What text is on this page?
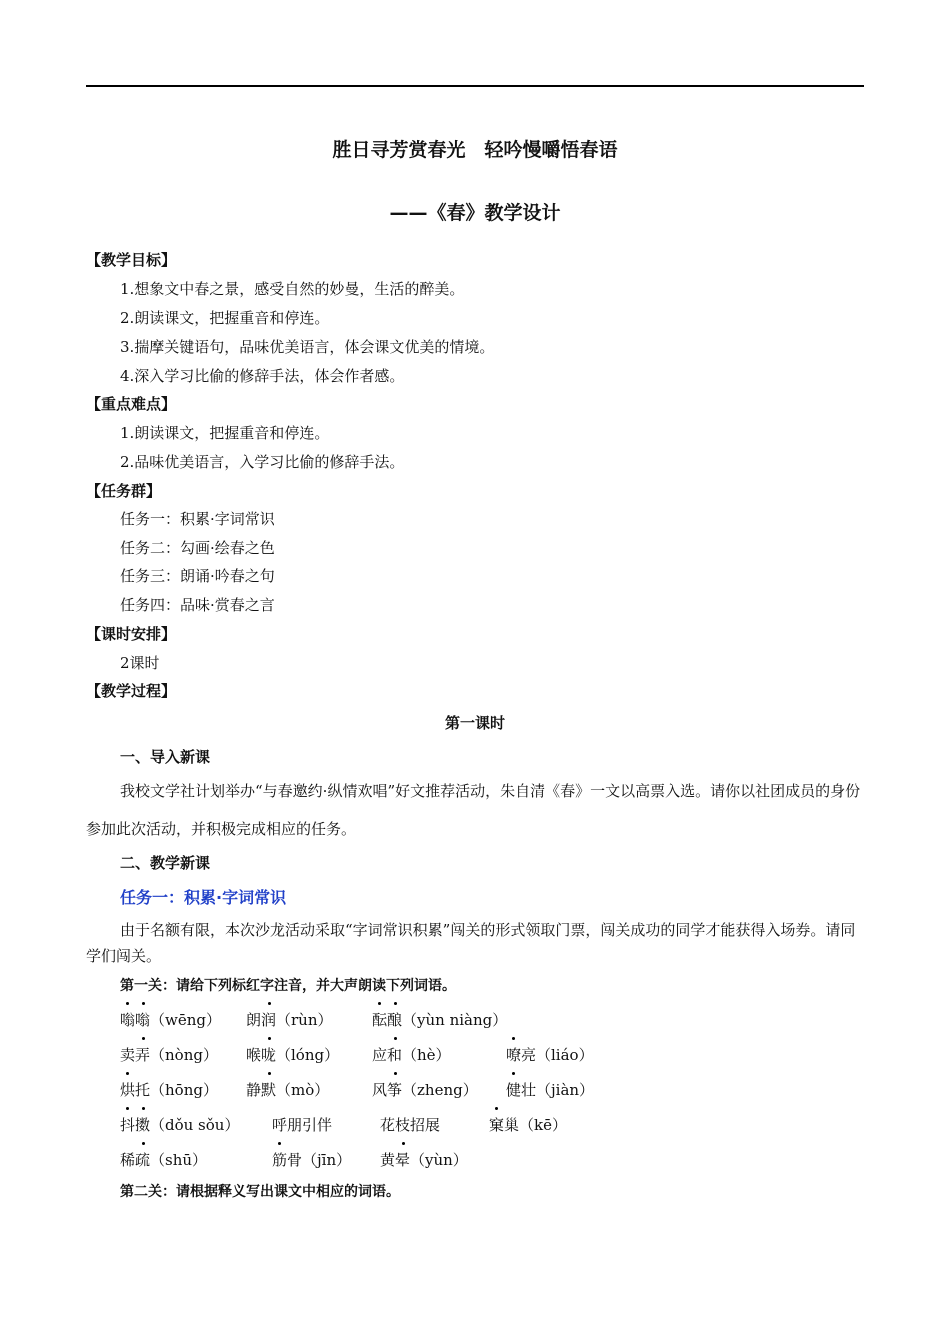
胜日寻芳赏春光　轻吟慢嚼悟春语
——《春》教学设计
【教学目标】
1.想象文中春之景，感受自然的妙曼，生活的醉美。
2.朗读课文，把握重音和停连。
3.揣摩关键语句，品味优美语言，体会课文优美的情境。
4.深入学习比偷的修辞手法，体会作者感。
【重点难点】
1.朗读课文，把握重音和停连。
2.品味优美语言，入学习比偷的修辞手法。
【任务群】
任务一：积累·字词常识
任务二：勾画·绘春之色
任务三：朗诵·吟春之句
任务四：品味·赏春之言
【课时安排】
2课时
【教学过程】
第一课时
一、导入新课
我校文学社计划举办“与春邀约·纵情欢唱”好文推荐活动，朱自清《春》一文以高票入选。请你以社团成员的身份参加此次活动，并积极完成相应的任务。
二、教学新课
任务一：积累·字词常识
由于名额有限，本次沙龙活动采取“字词常识积累”闯关的形式领取门票，闯关成功的同学才能获得入场券。请同学们闯关。
第一关：请给下列标红字注音，并大声朗读下列词语。
嗡嗡（wēng） 朗润（rùn）	酝酿（yùn niàng）
卖弄（nòng） 喉咙（lóng） 应和（hè）	嘹亮（liáo）
烘托（hōng） 静默（mò）	风筝（zheng） 健壮（jiàn）
抖擞（dǒu sǒu） 呼朋引伴	花枝招展	窠巢（kē）
稀疏（shū）	筋骨（jīn） 黄晕（yùn）
第二关：请根据释义写出课文中相应的词语。
